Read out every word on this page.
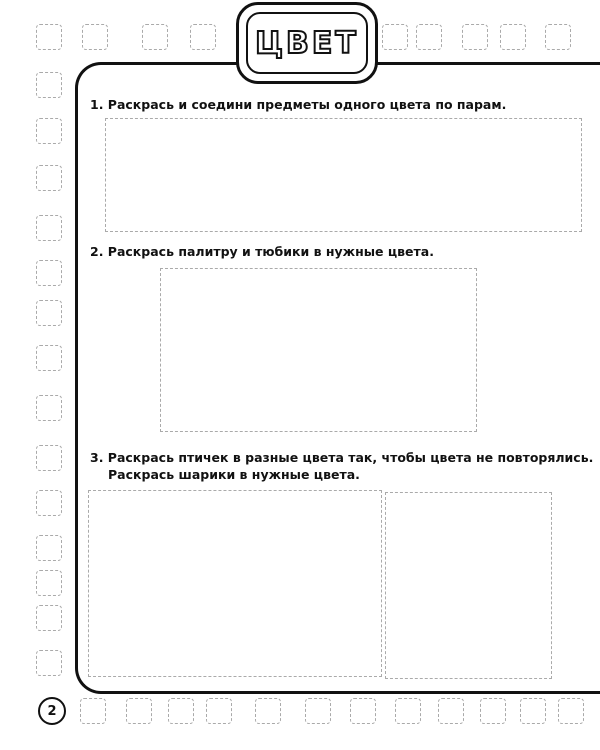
ЦВЕТ
1. Раскрась и соедини предметы одного цвета по парам.
2. Раскрась палитру и тюбики в нужные цвета.
3. Раскрась птичек в разные цвета так, чтобы цвета не повторялись.
Раскрась шарики в нужные цвета.
2
